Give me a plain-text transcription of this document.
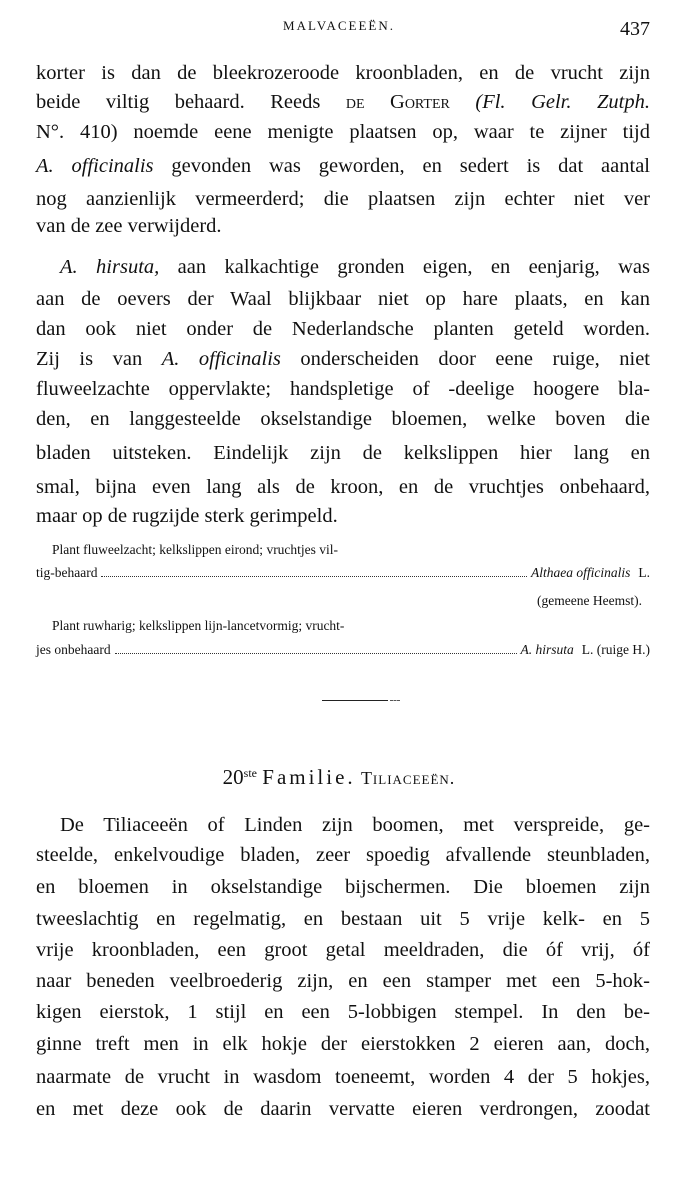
MALVACEEËN.	437
korter is dan de bleekrozeroode kroonbladen, en de vrucht zijn
beide viltig behaard. Reeds de Gorter (Fl. Gelr. Zutph.
N°. 410) noemde eene menigte plaatsen op, waar te zijner tijd
A. officinalis gevonden was geworden, en sedert is dat aantal
nog aanzienlijk vermeerderd; die plaatsen zijn echter niet ver
van de zee verwijderd.
A. hirsuta, aan kalkachtige gronden eigen, en eenjarig, was
aan de oevers der Waal blijkbaar niet op hare plaats, en kan
dan ook niet onder de Nederlandsche planten geteld worden.
Zij is van A. officinalis onderscheiden door eene ruige, niet
fluweelzachte oppervlakte; handspletige of -deelige hoogere bla-
den, en langgesteelde okselstandige bloemen, welke boven die
bladen uitsteken. Eindelijk zijn de kelkslippen hier lang en
smal, bijna even lang als de kroon, en de vruchtjes onbehaard,
maar op de rugzijde sterk gerimpeld.
Plant fluweelzacht; kelkslippen eirond; vruchtjes vil-
tig-behaard	Althaea officinalis L.
(gemeene Heemst).
Plant ruwharig; kelkslippen lijn-lancetvormig; vrucht-
jes onbehaard	A. hirsuta L. (ruige H.)
20ste Familie. Tiliaceeën.
De Tiliaceeën of Linden zijn boomen, met verspreide, ge-
steelde, enkelvoudige bladen, zeer spoedig afvallende steunbladen,
en bloemen in okselstandige bijschermen. Die bloemen zijn
tweeslachtig en regelmatig, en bestaan uit 5 vrije kelk- en 5
vrije kroonbladen, een groot getal meeldraden, die óf vrij, óf
naar beneden veelbroederig zijn, en een stamper met een 5-hok-
kigen eierstok, 1 stijl en een 5-lobbigen stempel. In den be-
ginne treft men in elk hokje der eierstokken 2 eieren aan, doch,
naarmate de vrucht in wasdom toeneemt, worden 4 der 5 hokjes,
en met deze ook de daarin vervatte eieren verdrongen, zoodat
